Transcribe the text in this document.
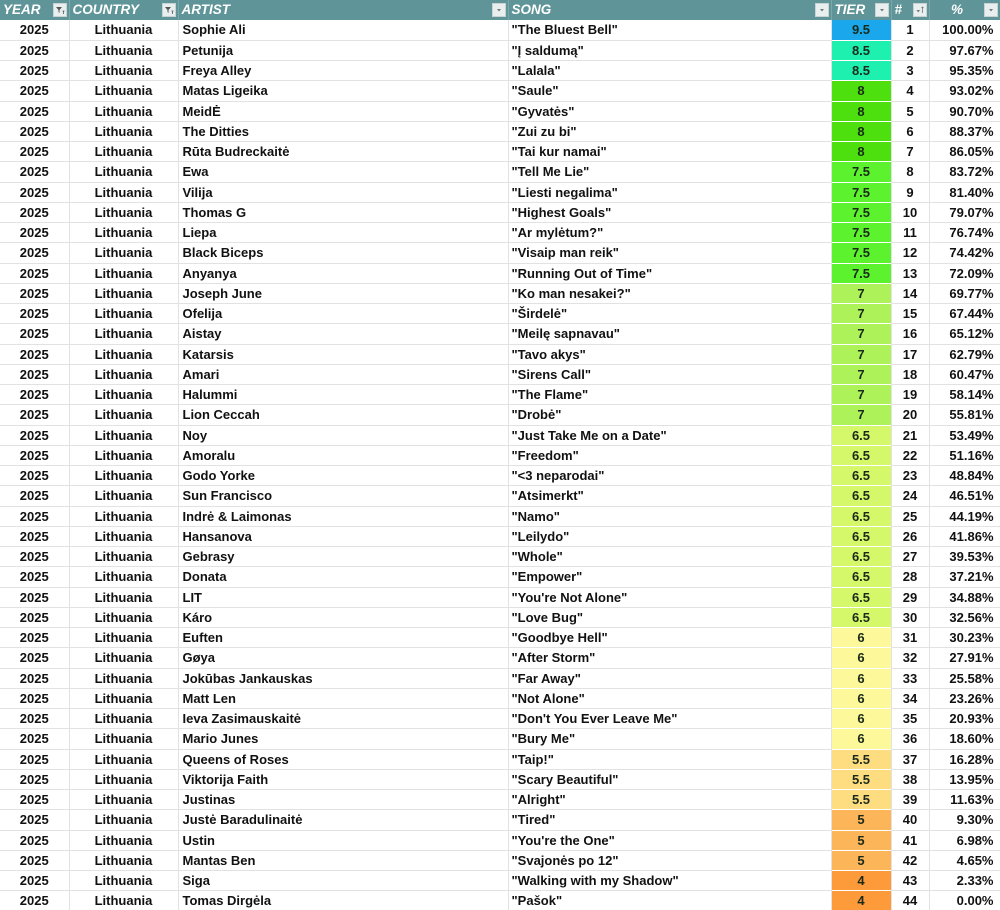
YEAR	COUNTRY	ARTIST	SONG	TIER	#	%

2025	Lithuania	Sophie Ali	"The Bluest Bell"	9.5	1	100.00%
2025	Lithuania	Petunija	"Į saldumą"	8.5	2	97.67%
2025	Lithuania	Freya Alley	"Lalala"	8.5	3	95.35%
2025	Lithuania	Matas Ligeika	"Saule"	8	4	93.02%
2025	Lithuania	MeidĖ	"Gyvatės"	8	5	90.70%
2025	Lithuania	The Ditties	"Zui zu bi"	8	6	88.37%
2025	Lithuania	Rūta Budreckaitė	"Tai kur namai"	8	7	86.05%
2025	Lithuania	Ewa	"Tell Me Lie"	7.5	8	83.72%
2025	Lithuania	Vilija	"Liesti negalima"	7.5	9	81.40%
2025	Lithuania	Thomas G	"Highest Goals"	7.5	10	79.07%
2025	Lithuania	Liepa	"Ar mylėtum?"	7.5	11	76.74%
2025	Lithuania	Black Biceps	"Visaip man reik"	7.5	12	74.42%
2025	Lithuania	Anyanya	"Running Out of Time"	7.5	13	72.09%
2025	Lithuania	Joseph June	"Ko man nesakei?"	7	14	69.77%
2025	Lithuania	Ofelija	"Širdelė"	7	15	67.44%
2025	Lithuania	Aistay	"Meilę sapnavau"	7	16	65.12%
2025	Lithuania	Katarsis	"Tavo akys"	7	17	62.79%
2025	Lithuania	Amari	"Sirens Call"	7	18	60.47%
2025	Lithuania	Halummi	"The Flame"	7	19	58.14%
2025	Lithuania	Lion Ceccah	"Drobė"	7	20	55.81%
2025	Lithuania	Noy	"Just Take Me on a Date"	6.5	21	53.49%
2025	Lithuania	Amoralu	"Freedom"	6.5	22	51.16%
2025	Lithuania	Godo Yorke	"<3 neparodai"	6.5	23	48.84%
2025	Lithuania	Sun Francisco	"Atsimerkt"	6.5	24	46.51%
2025	Lithuania	Indrė & Laimonas	"Namo"	6.5	25	44.19%
2025	Lithuania	Hansanova	"Leilydo"	6.5	26	41.86%
2025	Lithuania	Gebrasy	"Whole"	6.5	27	39.53%
2025	Lithuania	Donata	"Empower"	6.5	28	37.21%
2025	Lithuania	LIT	"You're Not Alone"	6.5	29	34.88%
2025	Lithuania	Káro	"Love Bug"	6.5	30	32.56%
2025	Lithuania	Euften	"Goodbye Hell"	6	31	30.23%
2025	Lithuania	Gøya	"After Storm"	6	32	27.91%
2025	Lithuania	Jokūbas Jankauskas	"Far Away"	6	33	25.58%
2025	Lithuania	Matt Len	"Not Alone"	6	34	23.26%
2025	Lithuania	Ieva Zasimauskaitė	"Don't You Ever Leave Me"	6	35	20.93%
2025	Lithuania	Mario Junes	"Bury Me"	6	36	18.60%
2025	Lithuania	Queens of Roses	"Taip!"	5.5	37	16.28%
2025	Lithuania	Viktorija Faith	"Scary Beautiful"	5.5	38	13.95%
2025	Lithuania	Justinas	"Alright"	5.5	39	11.63%
2025	Lithuania	Justė Baradulinaitė	"Tired"	5	40	9.30%
2025	Lithuania	Ustin	"You're the One"	5	41	6.98%
2025	Lithuania	Mantas Ben	"Svajonės po 12"	5	42	4.65%
2025	Lithuania	Siga	"Walking with my Shadow"	4	43	2.33%
2025	Lithuania	Tomas Dirgėla	"Pašok"	4	44	0.00%
